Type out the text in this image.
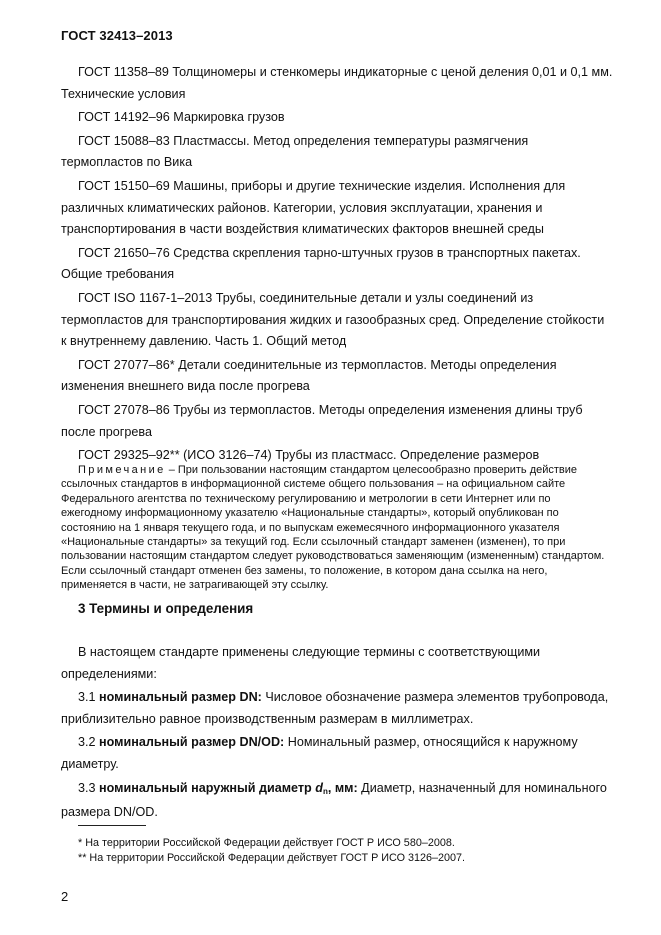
ГОСТ 32413–2013

ГОСТ 11358–89 Толщиномеры и стенкомеры индикаторные с ценой деления 0,01 и 0,1 мм. Технические условия

ГОСТ 14192–96 Маркировка грузов

ГОСТ 15088–83 Пластмассы. Метод определения температуры размягчения термопластов по Вика

ГОСТ 15150–69 Машины, приборы и другие технические изделия. Исполнения для различных климатических районов. Категории, условия эксплуатации, хранения и транспортирования в части воздействия климатических факторов внешней среды

ГОСТ 21650–76 Средства скрепления тарно-штучных грузов в транспортных пакетах. Общие требования

ГОСТ ISO 1167-1–2013 Трубы, соединительные детали и узлы соединений из термопластов для транспортирования жидких и газообразных сред. Определение стойкости к внутреннему давлению. Часть 1. Общий метод

ГОСТ 27077–86* Детали соединительные из термопластов. Методы определения изменения внешнего вида после прогрева

ГОСТ 27078–86 Трубы из термопластов. Методы определения изменения длины труб после прогрева

ГОСТ 29325–92** (ИСО 3126–74) Трубы из пластмасс. Определение размеров

Примечание – При пользовании настоящим стандартом целесообразно проверить действие ссылочных стандартов в информационной системе общего пользования – на официальном сайте Федерального агентства по техническому регулированию и метрологии в сети Интернет или по ежегодному информационному указателю «Национальные стандарты», который опубликован по состоянию на 1 января текущего года, и по выпускам ежемесячного информационного указателя «Национальные стандарты» за текущий год. Если ссылочный стандарт заменен (изменен), то при пользовании настоящим стандартом следует руководствоваться заменяющим (измененным) стандартом. Если ссылочный стандарт отменен без замены, то положение, в котором дана ссылка на него, применяется в части, не затрагивающей эту ссылку.

3 Термины и определения

В настоящем стандарте применены следующие термины с соответствующими определениями:

3.1 номинальный размер DN: Числовое обозначение размера элементов трубопровода, приблизительно равное производственным размерам в миллиметрах.

3.2 номинальный размер DN/OD: Номинальный размер, относящийся к наружному диаметру.

3.3 номинальный наружный диаметр $d_n$, мм: Диаметр, назначенный для номинального размера DN/OD.

* На территории Российской Федерации действует ГОСТ Р ИСО 580–2008.
** На территории Российской Федерации действует ГОСТ Р ИСО 3126–2007.
2
